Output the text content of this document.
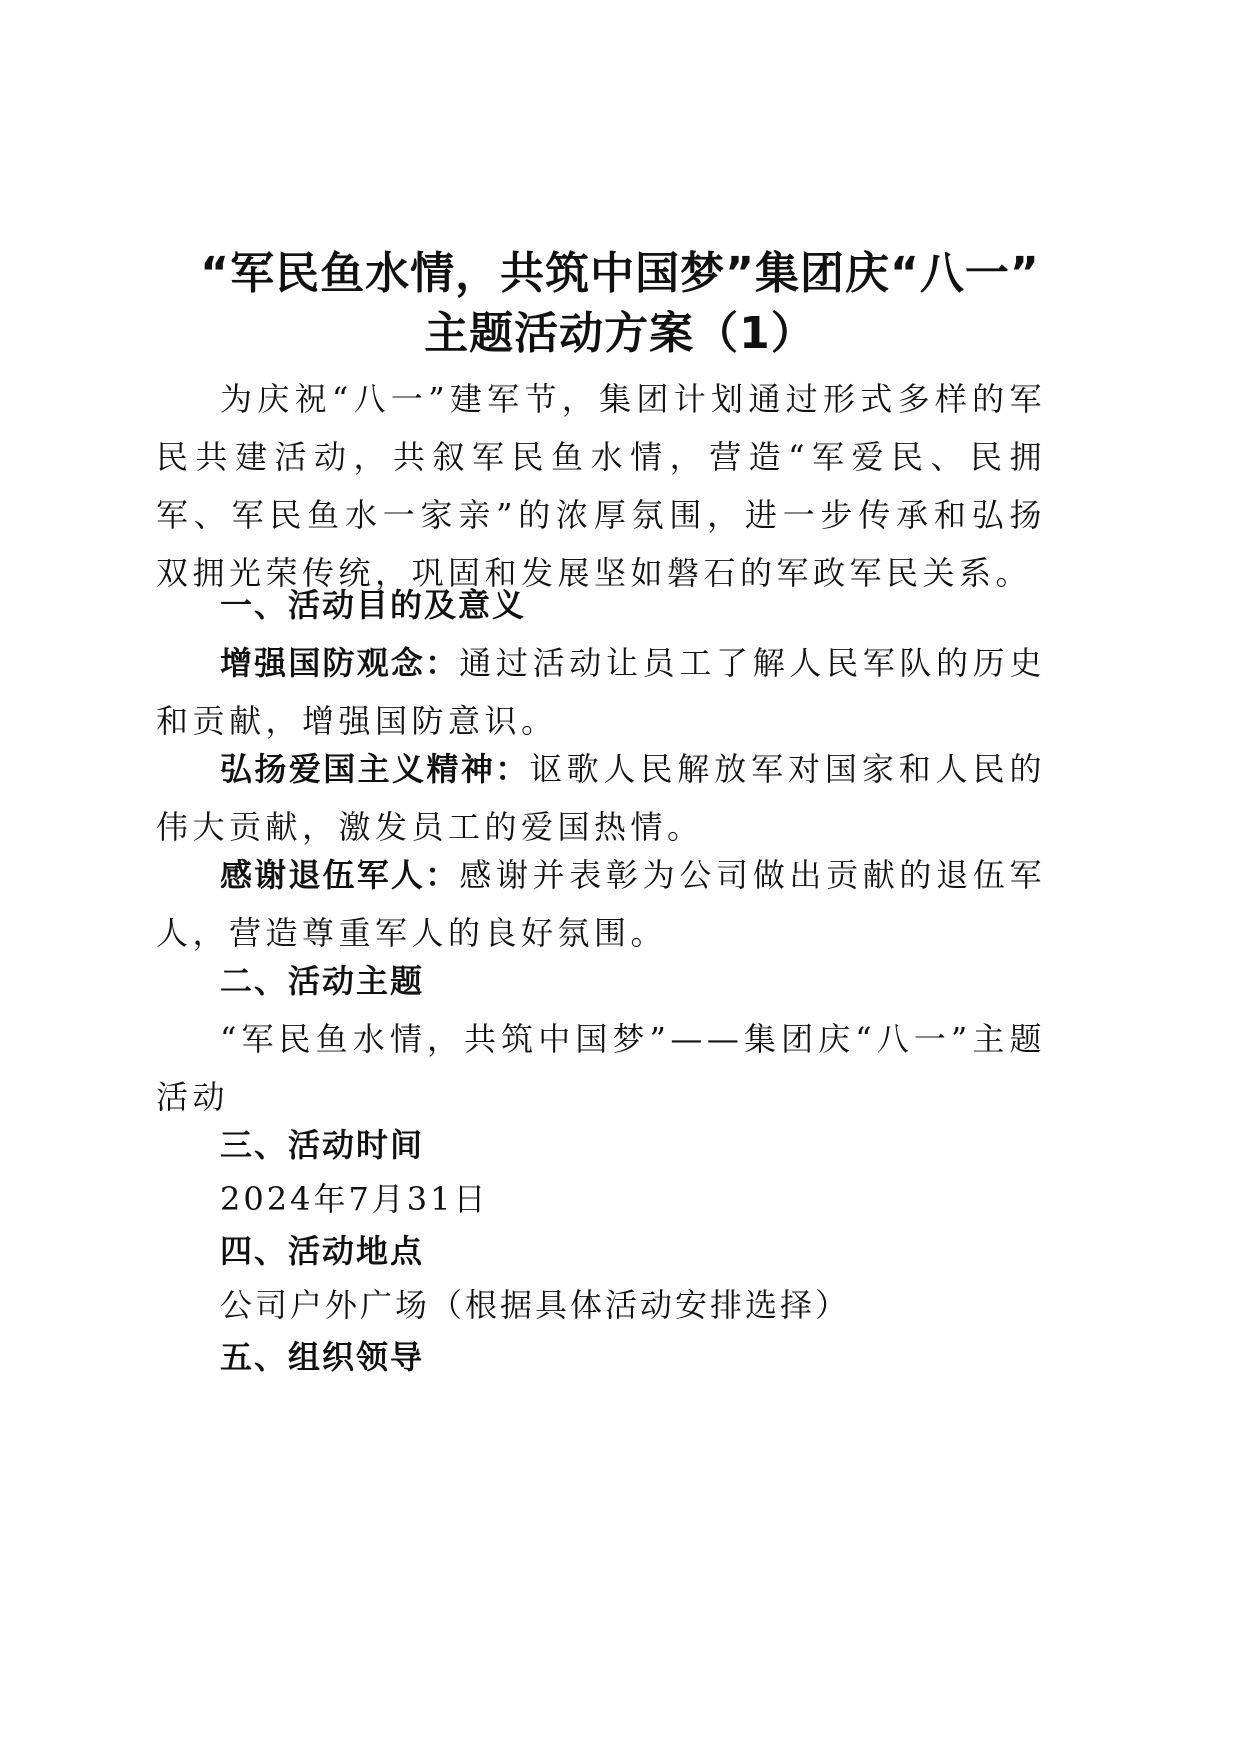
“军民鱼水情，共筑中国梦”集团庆“八一”
主题活动方案（1）

为庆祝“八一”建军节，集团计划通过形式多样的军民共建活动，共叙军民鱼水情，营造“军爱民、民拥军、军民鱼水一家亲”的浓厚氛围，进一步传承和弘扬双拥光荣传统，巩固和发展坚如磐石的军政军民关系。

一、活动目的及意义

增强国防观念：通过活动让员工了解人民军队的历史和贡献，增强国防意识。

弘扬爱国主义精神：讴歌人民解放军对国家和人民的伟大贡献，激发员工的爱国热情。

感谢退伍军人：感谢并表彰为公司做出贡献的退伍军人，营造尊重军人的良好氛围。

二、活动主题

“军民鱼水情，共筑中国梦”——集团庆“八一”主题活动

三、活动时间
2024年7月31日
四、活动地点
公司户外广场（根据具体活动安排选择）
五、组织领导
